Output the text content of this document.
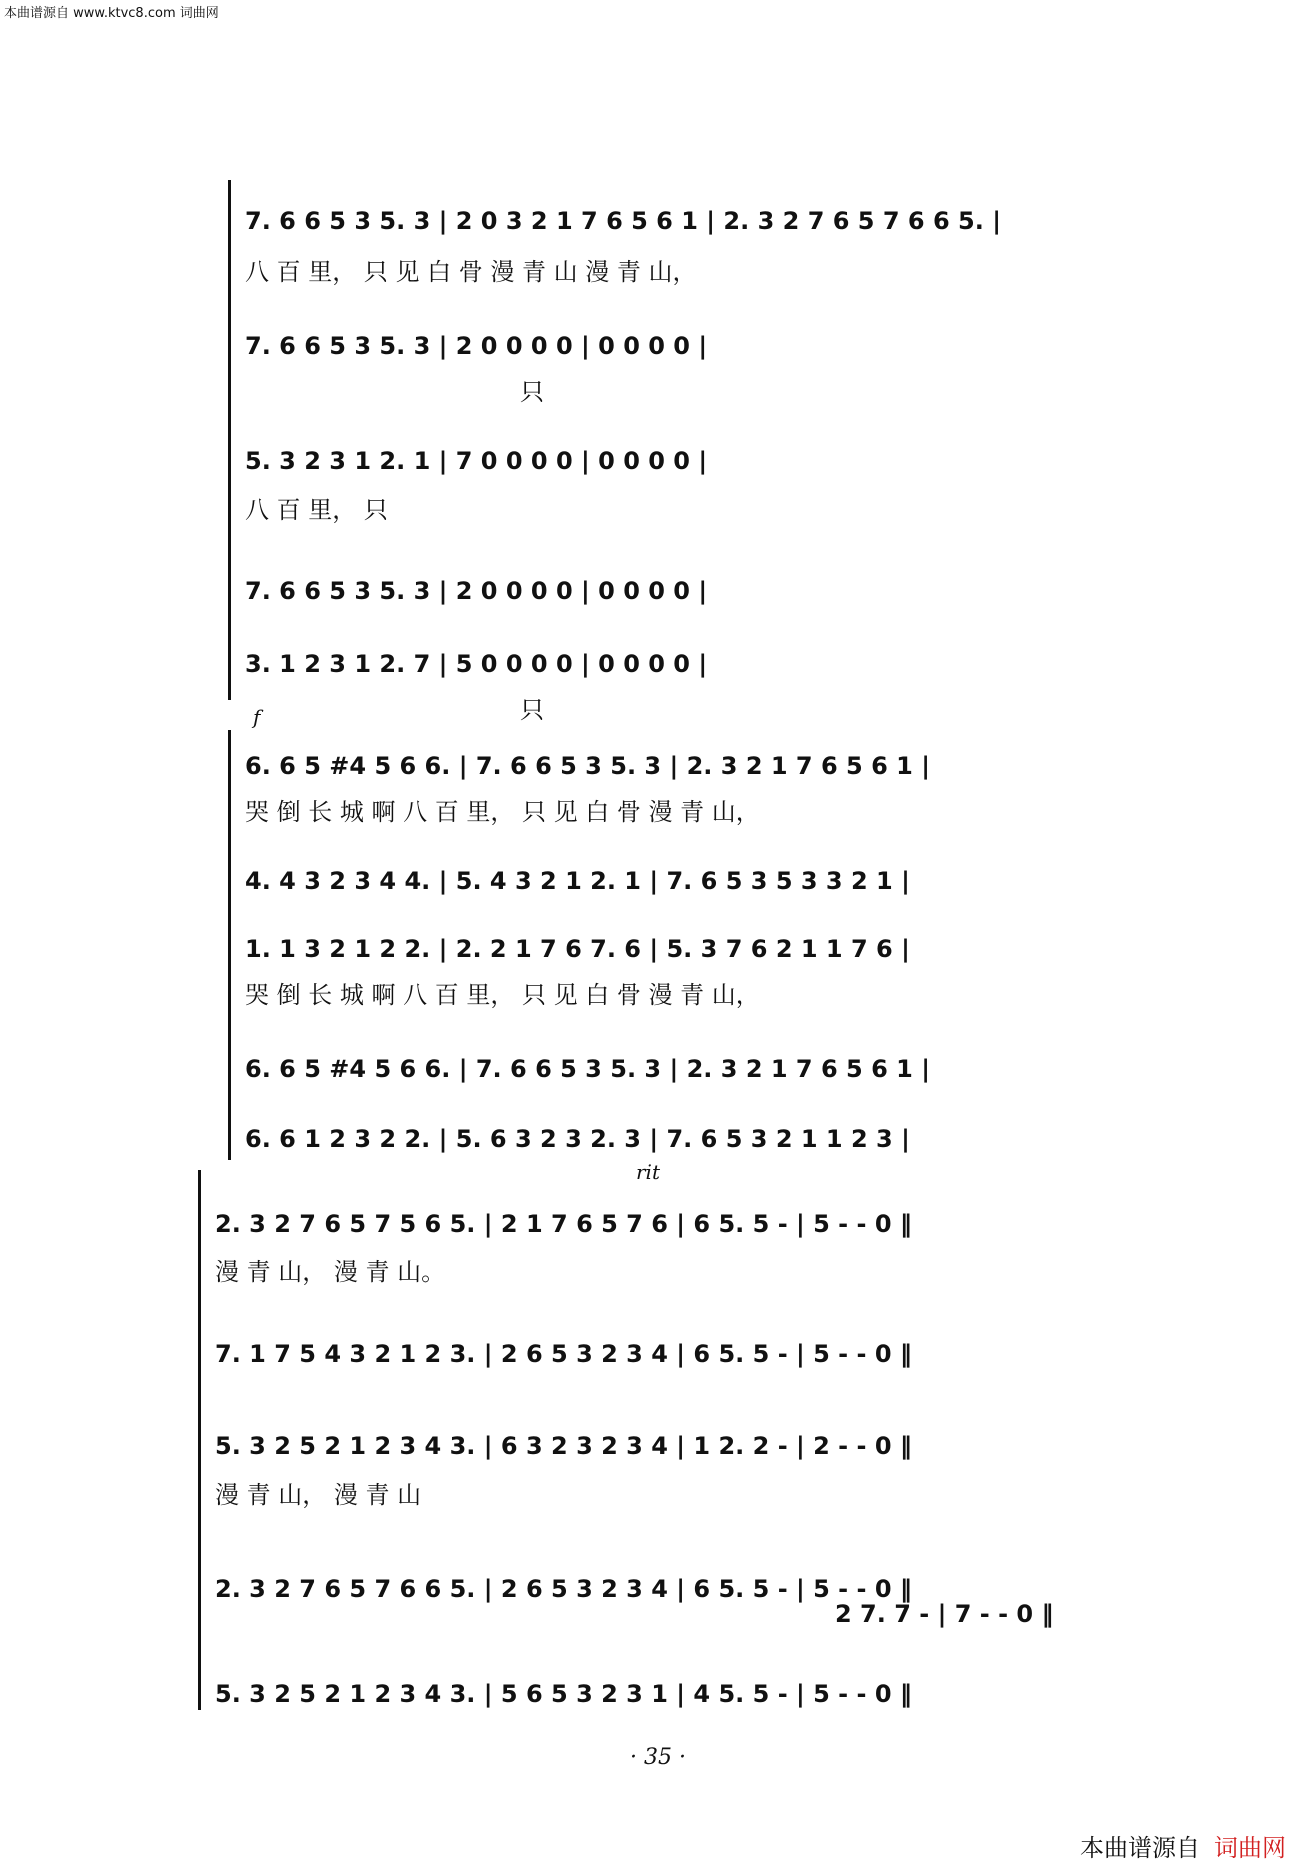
本曲谱源自 www.ktvc8.com 词曲网
7. 6 6 5 3 5. 3 | 2 0 3 2 1 7 6 5 6 1 | 2. 3 2 7 6 5 7 6 6 5. |
八 百 里， 只 见 白 骨 漫 青 山 漫 青 山，
7. 6 6 5 3 5. 3 | 2 0 0 0 0 | 0 0 0 0 |
只
5. 3 2 3 1 2. 1 | 7 0 0 0 0 | 0 0 0 0 |
八 百 里， 只
7. 6 6 5 3 5. 3 | 2 0 0 0 0 | 0 0 0 0 |
3. 1 2 3 1 2. 7 | 5 0 0 0 0 | 0 0 0 0 |
只
f
6. 6 5 #4 5 6 6. | 7. 6 6 5 3 5. 3 | 2. 3 2 1 7 6 5 6 1 |
哭 倒 长 城 啊 八 百 里， 只 见 白 骨 漫 青 山，
4. 4 3 2 3 4 4. | 5. 4 3 2 1 2. 1 | 7. 6 5 3 5 3 3 2 1 |
1. 1 3 2 1 2 2. | 2. 2 1 7 6 7. 6 | 5. 3 7 6 2 1 1 7 6 |
哭 倒 长 城 啊 八 百 里， 只 见 白 骨 漫 青 山，
6. 6 5 #4 5 6 6. | 7. 6 6 5 3 5. 3 | 2. 3 2 1 7 6 5 6 1 |
6. 6 1 2 3 2 2. | 5. 6 3 2 3 2. 3 | 7. 6 5 3 2 1 1 2 3 |
rit
2. 3 2 7 6 5 7 5 6 5. | 2 1 7 6 5 7 6 | 6 5. 5 - | 5 - - 0 ‖
漫 青 山， 漫 青 山。
7. 1 7 5 4 3 2 1 2 3. | 2 6 5 3 2 3 4 | 6 5. 5 - | 5 - - 0 ‖
5. 3 2 5 2 1 2 3 4 3. | 6 3 2 3 2 3 4 | 1 2. 2 - | 2 - - 0 ‖
漫 青 山， 漫 青 山
2. 3 2 7 6 5 7 6 6 5. | 2 6 5 3 2 3 4 | 6 5. 5 - | 5 - - 0 ‖
2 7. 7 - | 7 - - 0 ‖
5. 3 2 5 2 1 2 3 4 3. | 5 6 5 3 2 3 1 | 4 5. 5 - | 5 - - 0 ‖
· 35 ·
本曲谱源自 词曲网
